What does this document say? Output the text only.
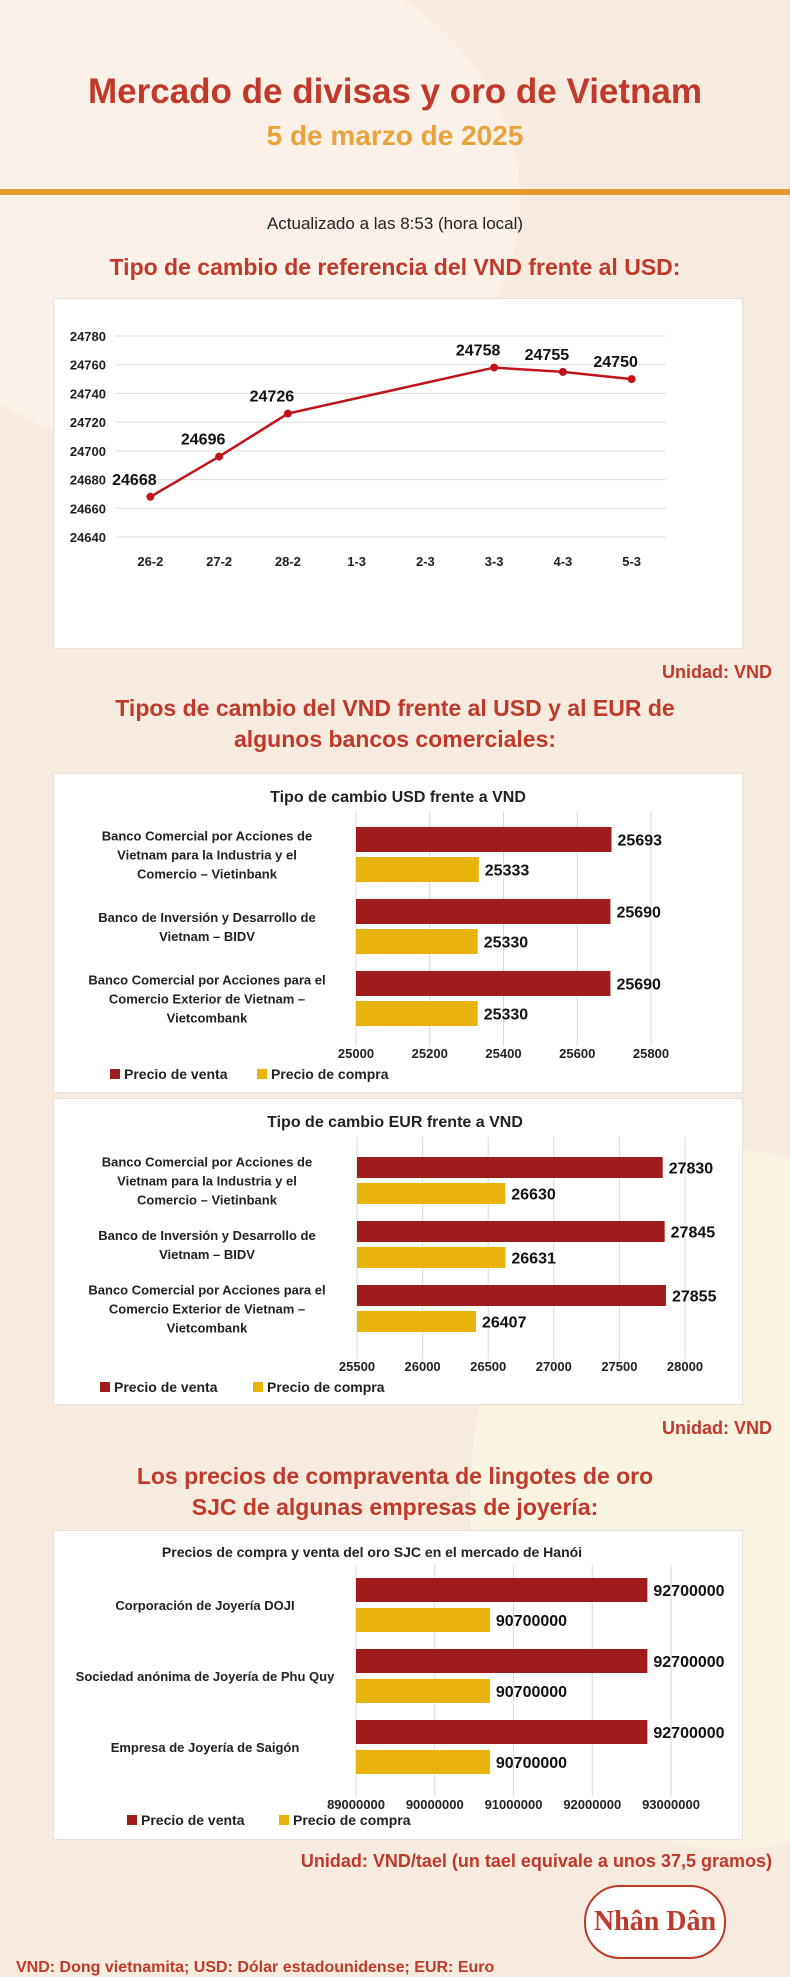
Mercado de divisas y oro de Vietnam
5 de marzo de 2025
Actualizado a las 8:53 (hora local)
Tipo de cambio de referencia del VND frente al USD:
24640
24660
24680
24700
24720
24740
24760
24780
26-2	27-2	28-2	1-3	2-3	3-3	4-3	5-3
24668
24696
24726
24758 24755 24750
Unidad: VND
Tipos de cambio del VND frente al USD y al EUR de
algunos bancos comerciales:
Tipo de cambio USD frente a VND
25000	25200	25400	25600	25800
Banco Comercial por Acciones de
Vietnam para la Industria y el
Comercio – Vietinbank
25693
25333
Banco de Inversión y Desarrollo de
Vietnam – BIDV
25690
25330
Banco Comercial por Acciones para el
Comercio Exterior de Vietnam –
Vietcombank
25690
25330
Precio de venta	Precio de compra
Tipo de cambio EUR frente a VND
25500 26000 26500 27000 27500 28000
Banco Comercial por Acciones de
Vietnam para la Industria y el
Comercio – Vietinbank
27830
26630
Banco de Inversión y Desarrollo de
Vietnam – BIDV
27845
26631
Banco Comercial por Acciones para el
Comercio Exterior de Vietnam –
Vietcombank
27855
26407
Precio de venta	Precio de compra
Unidad: VND
Los precios de compraventa de lingotes de oro
SJC de algunas empresas de joyería:
Precios de compra y venta del oro SJC en el mercado de Hanói
89000000 90000000 91000000 92000000 93000000
Corporación de Joyería DOJI
92700000
90700000
Sociedad anónima de Joyería de Phu Quy
92700000
90700000
Empresa de Joyería de Saigón
92700000
90700000
Precio de venta	Precio de compra
Unidad: VND/tael (un tael equivale a unos 37,5 gramos)
Nhân Dân
VND: Dong vietnamita; USD: Dólar estadounidense; EUR: Euro
